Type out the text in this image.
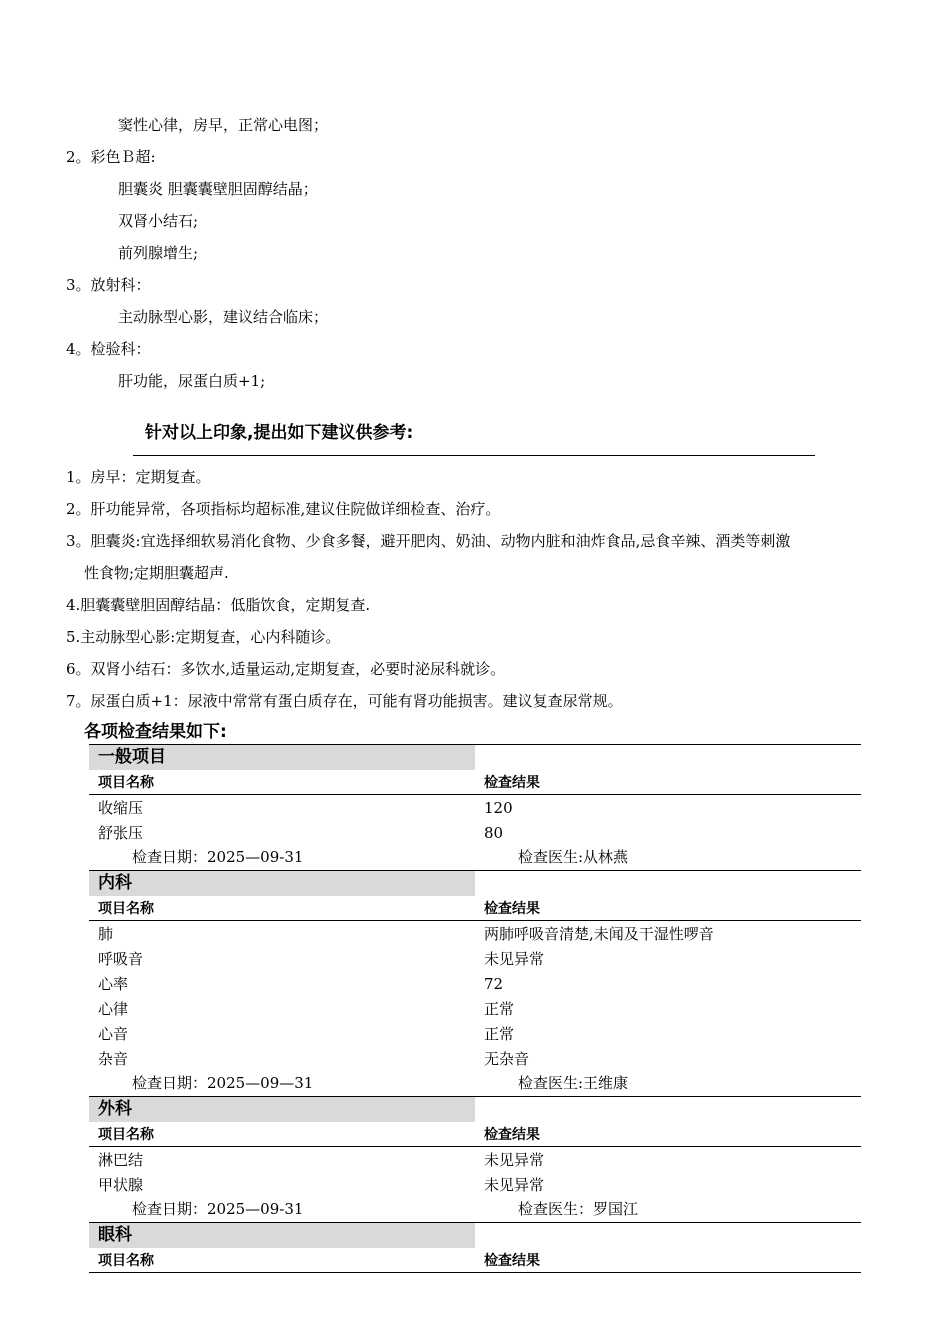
窦性心律，房早，正常心电图；
2。彩色Ｂ超:
胆囊炎 胆囊囊壁胆固醇结晶；
双肾小结石;
前列腺增生;
3。放射科：
主动脉型心影，建议结合临床；
4。检验科：
肝功能，尿蛋白质+1;
针对以上印象,提出如下建议供参考:
1。房早：定期复查。
2。肝功能异常，各项指标均超标准,建议住院做详细检查、治疗。
3。胆囊炎:宜选择细软易消化食物、少食多餐，避开肥肉、奶油、动物内脏和油炸食品,忌食辛辣、酒类等刺激
性食物;定期胆囊超声.
4.胆囊囊壁胆固醇结晶：低脂饮食，定期复查.
5.主动脉型心影:定期复查，心内科随诊。
6。双肾小结石：多饮水,适量运动,定期复查，必要时泌尿科就诊。
7。尿蛋白质+1：尿液中常常有蛋白质存在，可能有肾功能损害。建议复查尿常规。
各项检查结果如下:
一般项目
项目名称	检查结果
收缩压	120
舒张压	80
检查日期：2025—09-31	检查医生:从林燕
内科
项目名称	检查结果
肺	两肺呼吸音清楚,未闻及干湿性啰音
呼吸音	未见异常
心率	72
心律	正常
心音	正常
杂音	无杂音
检查日期：2025—09—31	检查医生:王维康
外科
项目名称	检查结果
淋巴结	未见异常
甲状腺	未见异常
检查日期：2025—09-31	检查医生：罗国江
眼科
项目名称	检查结果
